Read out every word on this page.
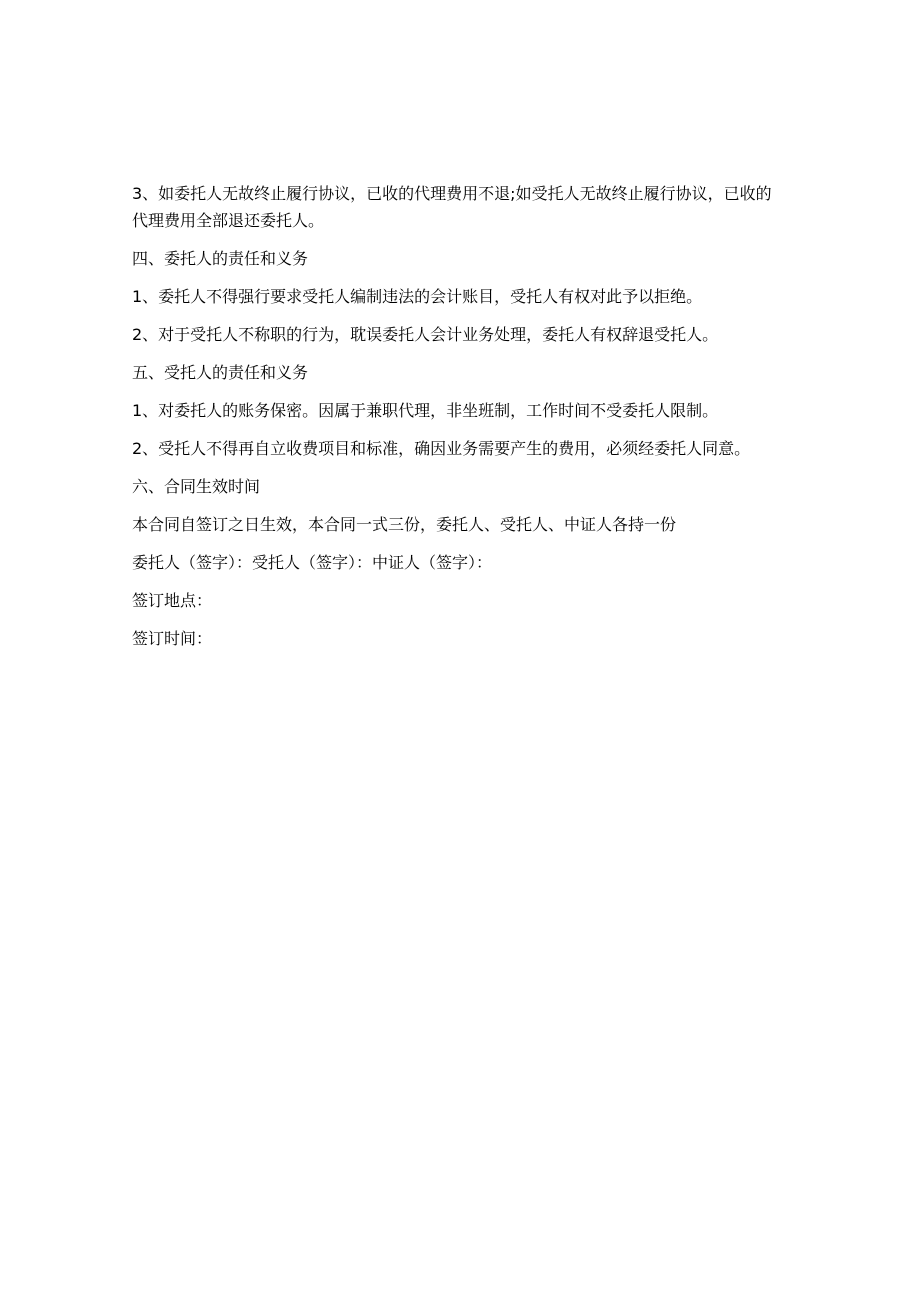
3、如委托人无故终止履行协议，已收的代理费用不退;如受托人无故终止履行协议，已收的代理费用全部退还委托人。

四、委托人的责任和义务

1、委托人不得强行要求受托人编制违法的会计账目，受托人有权对此予以拒绝。

2、对于受托人不称职的行为，耽误委托人会计业务处理，委托人有权辞退受托人。

五、受托人的责任和义务

1、对委托人的账务保密。因属于兼职代理，非坐班制，工作时间不受委托人限制。

2、受托人不得再自立收费项目和标准，确因业务需要产生的费用，必须经委托人同意。

六、合同生效时间

本合同自签订之日生效，本合同一式三份，委托人、受托人、中证人各持一份

委托人（签字）：受托人（签字）：中证人（签字）：

签订地点：

签订时间：
